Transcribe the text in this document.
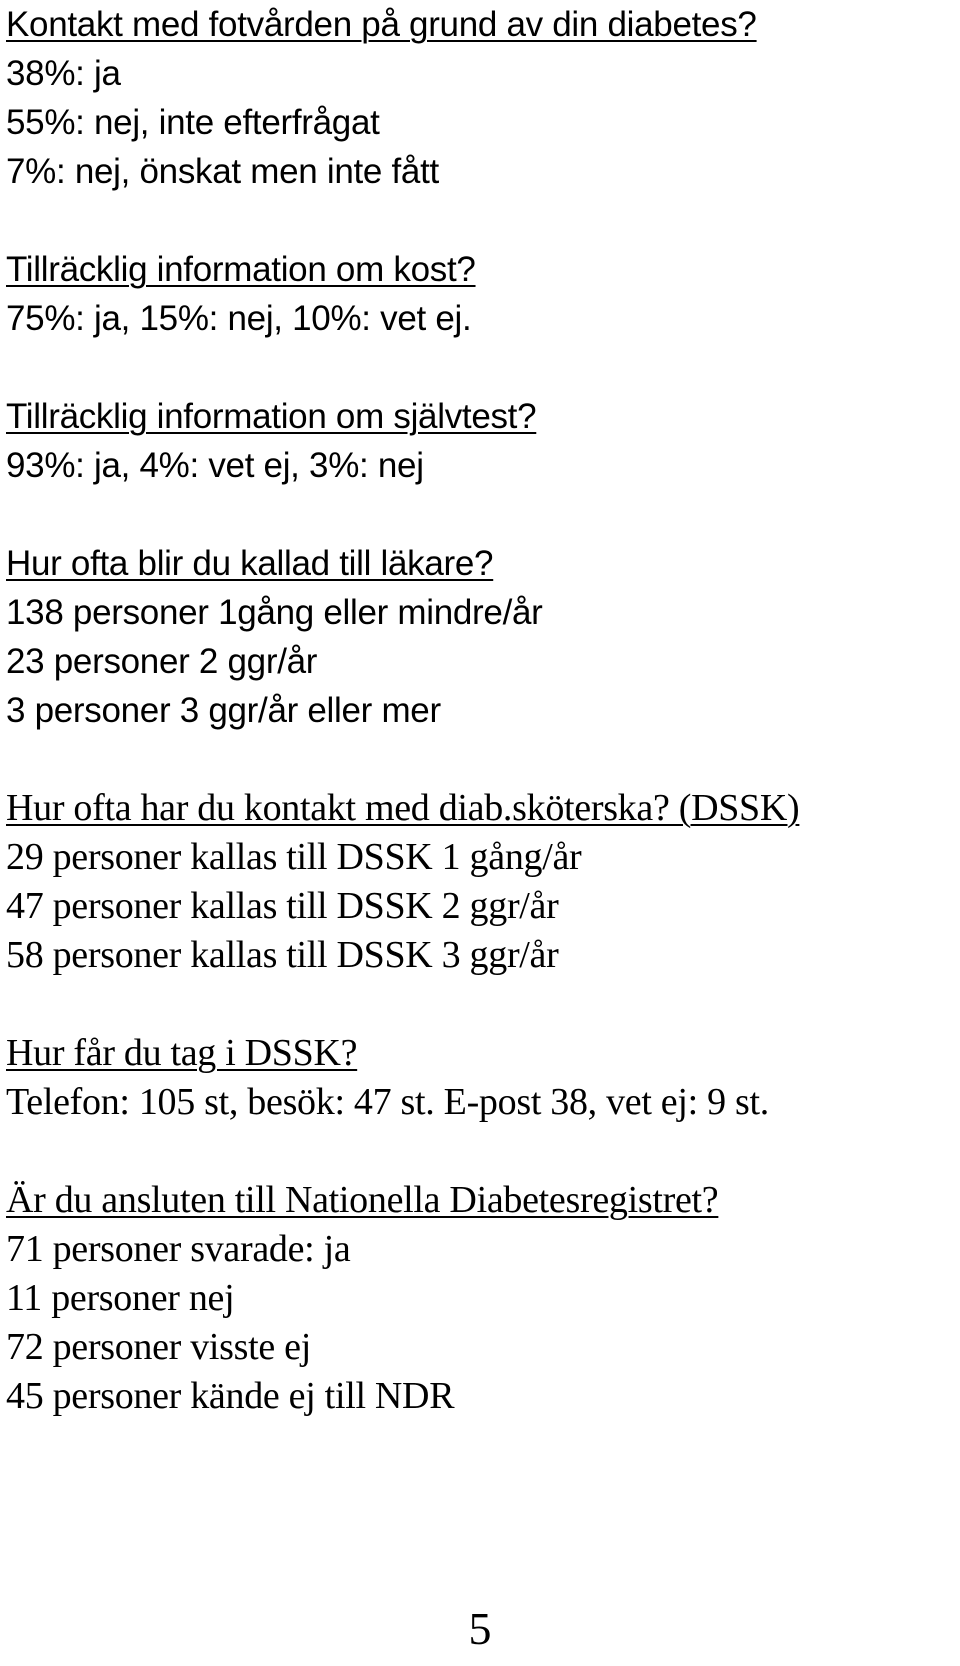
Kontakt med fotvården på grund av din diabetes?
38%: ja
55%: nej, inte efterfrågat
7%: nej, önskat men inte fått
Tillräcklig information om kost?
75%: ja, 15%: nej, 10%: vet ej.
Tillräcklig information om självtest?
93%: ja, 4%: vet ej, 3%: nej
Hur ofta blir du kallad till läkare?
138 personer 1gång eller mindre/år
23 personer 2 ggr/år
3 personer 3 ggr/år eller mer
Hur ofta har du kontakt med diab.sköterska? (DSSK)
29 personer kallas till DSSK 1 gång/år
47 personer kallas till DSSK 2 ggr/år
58 personer kallas till DSSK 3 ggr/år
Hur får du tag i DSSK?
Telefon: 105 st, besök: 47 st. E-post 38, vet ej: 9 st.
Är du ansluten till Nationella Diabetesregistret?
71 personer svarade: ja
11 personer nej
72 personer visste ej
45 personer kände ej till NDR
5
